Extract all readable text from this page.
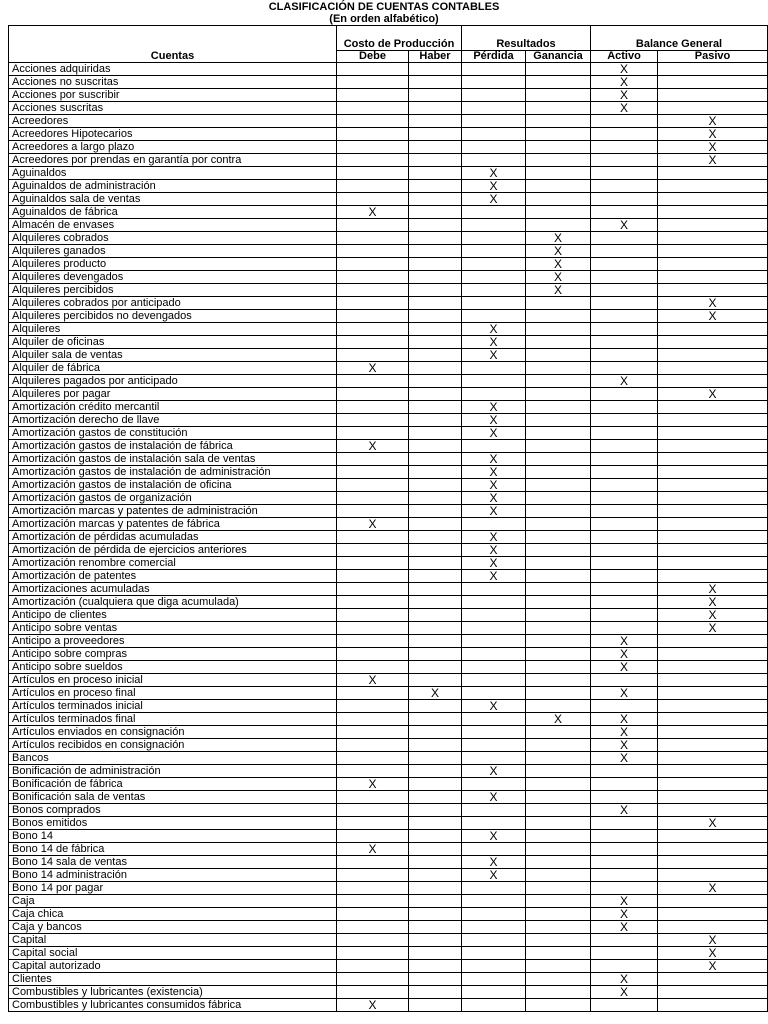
CLASIFICACIÓN DE CUENTAS CONTABLES
(En orden alfabético)
Cuentas	Costo de Producción		Resultados		Balance General	
	Debe	Haber	Pérdida	Ganancia	Activo	Pasivo
Acciones adquiridas					X	
Acciones no suscritas					X	
Acciones por suscribir					X	
Acciones suscritas					X	
Acreedores						X
Acreedores Hipotecarios						X
Acreedores a largo plazo						X
Acreedores por prendas en garantía por contra						X
Aguinaldos			X			
Aguinaldos de administración			X			
Aguinaldos sala de ventas			X			
Aguinaldos de fábrica	X					
Almacén de envases					X	
Alquileres cobrados				X		
Alquileres ganados				X		
Alquileres producto				X		
Alquileres devengados				X		
Alquileres percibidos				X		
Alquileres cobrados por anticipado						X
Alquileres percibidos no devengados						X
Alquileres			X			
Alquiler de oficinas			X			
Alquiler sala de ventas			X			
Alquiler de fábrica	X					
Alquileres pagados por anticipado					X	
Alquileres por pagar						X
Amortización crédito mercantil			X			
Amortización derecho de llave			X			
Amortización gastos de constitución			X			
Amortización gastos de instalación de fábrica	X					
Amortización gastos de instalación sala de ventas			X			
Amortización gastos de instalación de administración			X			
Amortización gastos de instalación de oficina			X			
Amortización gastos de organización			X			
Amortización marcas y patentes de administración			X			
Amortización marcas y patentes de fábrica	X					
Amortización de pérdidas acumuladas			X			
Amortización de pérdida de ejercicios anteriores			X			
Amortización renombre comercial			X			
Amortización de patentes			X			
Amortizaciones acumuladas						X
Amortización (cualquiera que diga acumulada)						X
Anticipo de clientes						X
Anticipo sobre ventas						X
Anticipo a proveedores					X	
Anticipo sobre compras					X	
Anticipo sobre sueldos					X	
Artículos en proceso inicial	X					
Artículos en proceso final		X			X	
Artículos terminados inicial			X			
Artículos terminados final				X	X	
Artículos enviados en consignación					X	
Artículos recibidos en consignación					X	
Bancos					X	
Bonificación de administración			X			
Bonificación de fábrica	X					
Bonificación sala de ventas			X			
Bonos comprados					X	
Bonos emitidos						X
Bono 14			X			
Bono 14 de fábrica	X					
Bono 14 sala de ventas			X			
Bono 14 administración			X			
Bono 14 por pagar						X
Caja					X	
Caja chica					X	
Caja y bancos					X	
Capital						X
Capital social						X
Capital autorizado						X
Clientes					X	
Combustibles y lubricantes (existencia)					X	
Combustibles y lubricantes consumidos fábrica	X					
